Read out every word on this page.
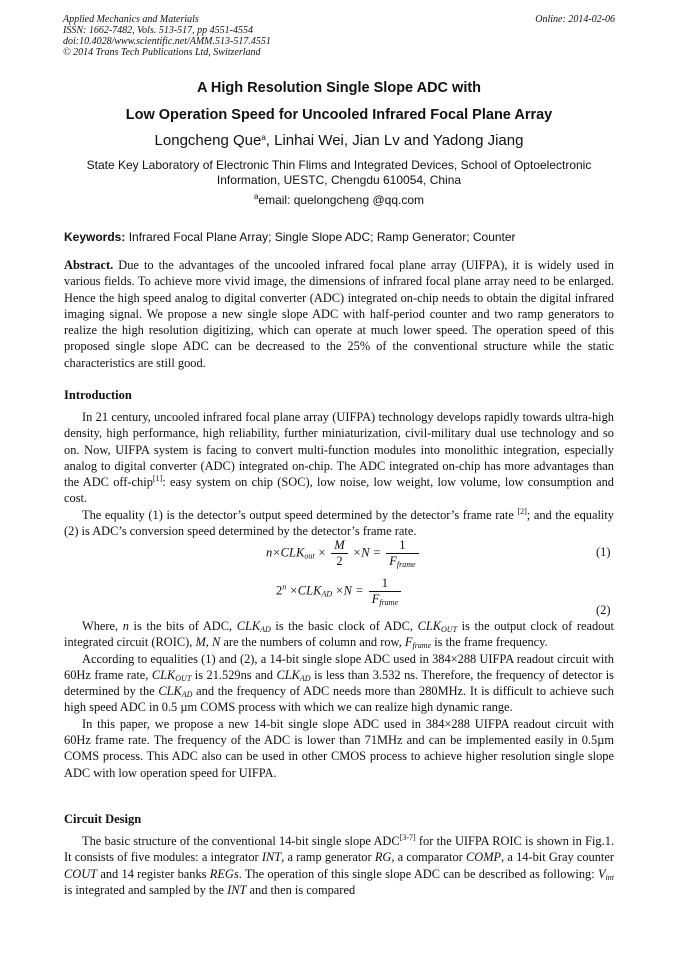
Applied Mechanics and Materials
ISSN: 1662-7482, Vols. 513-517, pp 4551-4554
doi:10.4028/www.scientific.net/AMM.513-517.4551
© 2014 Trans Tech Publications Ltd, Switzerland
Online: 2014-02-06
A High Resolution Single Slope ADC with
Low Operation Speed for Uncooled Infrared Focal Plane Array
Longcheng Que$^a$, Linhai Wei, Jian Lv and Yadong Jiang
State Key Laboratory of Electronic Thin Flims and Integrated Devices, School of Optoelectronic
Information, UESTC, Chengdu 610054, China
$^a$email: quelongcheng @qq.com
Keywords: Infrared Focal Plane Array; Single Slope ADC; Ramp Generator; Counter

Abstract. Due to the advantages of the uncooled infrared focal plane array (UIFPA), it is widely used in various fields. To achieve more vivid image, the dimensions of infrared focal plane array need to be enlarged. Hence the high speed analog to digital converter (ADC) integrated on-chip needs to obtain the digital infrared imaging signal. We propose a new single slope ADC with half-period counter and two ramp generators to realize the high resolution digitizing, which can operate at much lower speed. The operation speed of this proposed single slope ADC can be decreased to the 25% of the conventional structure while the static characteristics are still good.

Introduction

In 21 century, uncooled infrared focal plane array (UIFPA) technology develops rapidly towards ultra-high density, high performance, high reliability, further miniaturization, civil-military dual use technology and so on. Now, UIFPA system is facing to convert multi-function modules into monolithic integration, especially analog to digital converter (ADC) integrated on-chip. The ADC integrated on-chip has more advantages than the ADC off-chip[1]: easy system on chip (SOC), low noise, low weight, low volume, low consumption and cost.

The equality (1) is the detector’s output speed determined by the detector’s frame rate [2]; and the equality (2) is ADC’s conversion speed determined by the detector’s frame rate.

$n\times CLK_{out} \times \frac{M}{2} \times N = \frac{1}{F_{frame}}$	(1)
$2^n \times CLK_{AD} \times N = \frac{1}{F_{frame}}$
(2)

Where, n is the bits of ADC, $CLK_{AD}$ is the basic clock of ADC, $CLK_{OUT}$ is the output clock of readout integrated circuit (ROIC), M, N are the numbers of column and row, $F_{frame}$ is the frame frequency.

According to equalities (1) and (2), a 14-bit single slope ADC used in 384×288 UIFPA readout circuit with 60Hz frame rate, $CLK_{OUT}$ is 21.529ns and $CLK_{AD}$ is less than 3.532 ns. Therefore, the frequency of detector is determined by the $CLK_{AD}$ and the frequency of ADC needs more than 280MHz. It is difficult to achieve such high speed ADC in 0.5 µm COMS process with which we can realize high dynamic range.

In this paper, we propose a new 14-bit single slope ADC used in 384×288 UIFPA readout circuit with 60Hz frame rate. The frequency of the ADC is lower than 71MHz and can be implemented easily in 0.5µm COMS process. This ADC also can be used in other CMOS process to achieve higher resolution single slope ADC with low operation speed for UIFPA.

Circuit Design

The basic structure of the conventional 14-bit single slope ADC[3-7] for the UIFPA ROIC is shown in Fig.1. It consists of five modules: a integrator INT, a ramp generator RG, a comparator COMP, a 14-bit Gray counter COUT and 14 register banks REGs. The operation of this single slope ADC can be described as following: $V_{int}$ is integrated and sampled by the INT and then is compared
